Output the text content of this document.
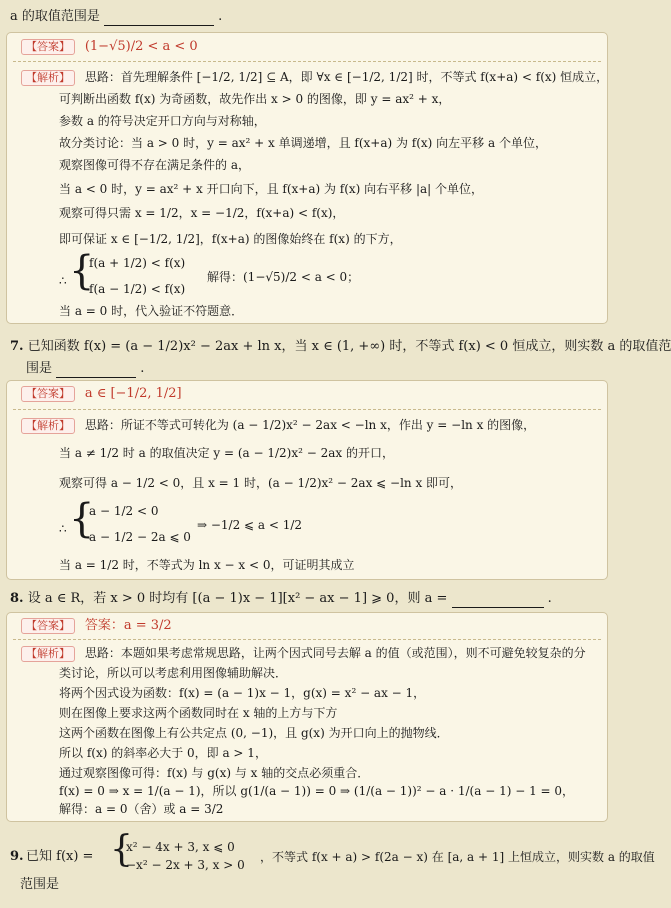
a 的取值范围是	.
【答案】 (1−√5)/2 < a < 0
【解析】 思路：首先理解条件 [−1/2, 1/2] ⊆ A，即 ∀x ∈ [−1/2, 1/2] 时，不等式 f(x+a) < f(x) 恒成立，
可判断出函数 f(x) 为奇函数，故先作出 x > 0 的图像，即 y = ax² + x，
参数 a 的符号决定开口方向与对称轴，
故分类讨论：当 a > 0 时，y = ax² + x 单调递增，且 f(x+a) 为 f(x) 向左平移 a 个单位，
观察图像可得不存在满足条件的 a，
当 a < 0 时，y = ax² + x 开口向下，且 f(x+a) 为 f(x) 向右平移 |a| 个单位，
观察可得只需 x = 1/2，x = −1/2，f(x+a) < f(x)，
即可保证 x ∈ [−1/2, 1/2]，f(x+a) 的图像始终在 f(x) 的下方，
∴ {
f(a + 1/2) < f(x)
f(a − 1/2) < f(x)
解得：(1−√5)/2 < a < 0；
当 a = 0 时，代入验证不符题意．
7. 已知函数 f(x) = (a − 1/2)x² − 2ax + ln x，当 x ∈ (1, +∞) 时，不等式 f(x) < 0 恒成立，则实数 a 的取值范
围是	.
【答案】 a ∈ [−1/2, 1/2]
【解析】 思路：所证不等式可转化为 (a − 1/2)x² − 2ax < −ln x，作出 y = −ln x 的图像，
当 a ≠ 1/2 时 a 的取值决定 y = (a − 1/2)x² − 2ax 的开口，
观察可得 a − 1/2 < 0，且 x = 1 时，(a − 1/2)x² − 2ax ⩽ −ln x 即可，
∴ {
a − 1/2 < 0
a − 1/2 − 2a ⩽ 0
⇒ −1/2 ⩽ a < 1/2
当 a = 1/2 时，不等式为 ln x − x < 0，可证明其成立
8. 设 a ∈ R，若 x > 0 时均有 [(a − 1)x − 1][x² − ax − 1] ⩾ 0，则 a =	.
【答案】 答案：a = 3/2
【解析】 思路：本题如果考虑常规思路，让两个因式同号去解 a 的值（或范围），则不可避免较复杂的分
类讨论，所以可以考虑利用图像辅助解决．
将两个因式设为函数：f(x) = (a − 1)x − 1，g(x) = x² − ax − 1，
则在图像上要求这两个函数同时在 x 轴的上方与下方
这两个函数在图像上有公共定点 (0, −1)，且 g(x) 为开口向上的抛物线．
所以 f(x) 的斜率必大于 0，即 a > 1，
通过观察图像可得：f(x) 与 g(x) 与 x 轴的交点必须重合．
f(x) = 0 ⇒ x = 1/(a − 1)，所以 g(1/(a − 1)) = 0 ⇒ (1/(a − 1))² − a · 1/(a − 1) − 1 = 0，
解得：a = 0（舍）或 a = 3/2
9. 已知 f(x) = {
x² − 4x + 3, x ⩽ 0
−x² − 2x + 3, x > 0
，不等式 f(x + a) > f(2a − x) 在 [a, a + 1] 上恒成立，则实数 a 的取值
范围是
